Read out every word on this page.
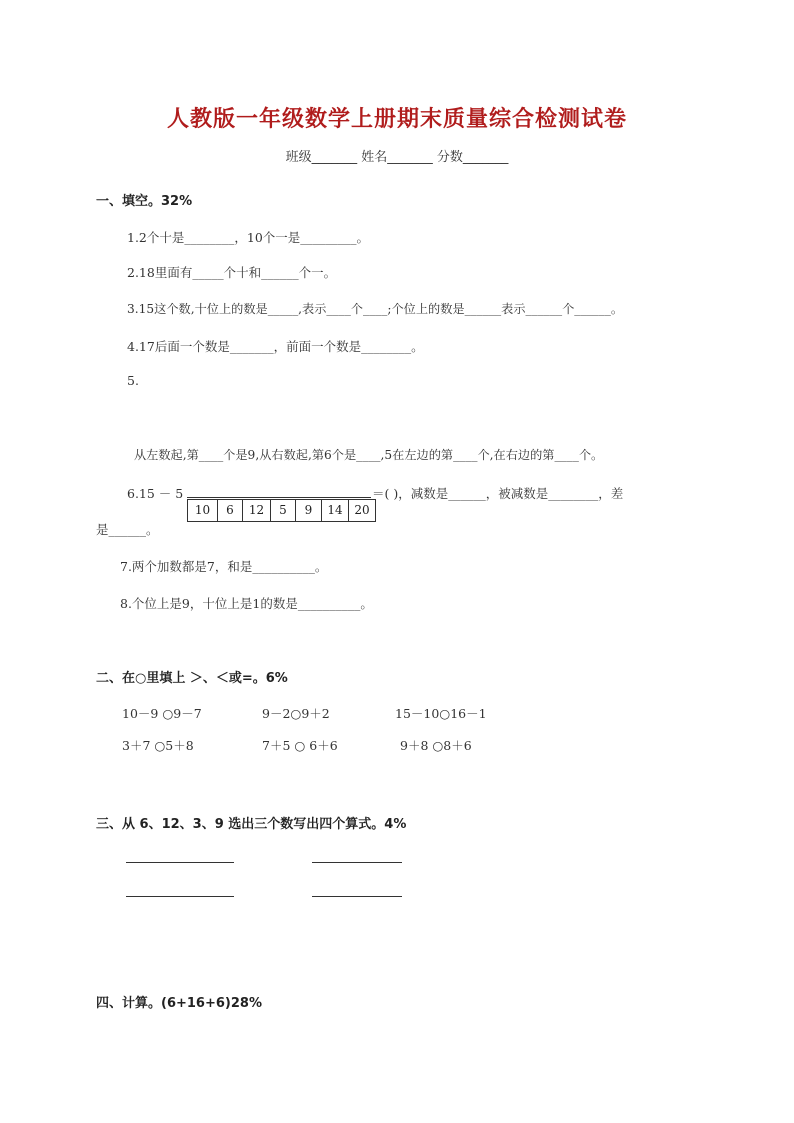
人教版一年级数学上册期末质量综合检测试卷
班级_______ 姓名_______ 分数_______
一、填空。32%
1.2个十是________，10个一是_________。
2.18里面有_____个十和______个一。
3.15这个数,十位上的数是_____,表示____个____;个位上的数是______表示______个______。
4.17后面一个数是_______，前面一个数是________。
5.
从左数起,第____个是9,从右数起,第6个是____,5在左边的第____个,在右边的第____个。
6.15 － 5
10	6	12	5	9	14 20
＝( )，减数是______，被减数是________，差
是______。
7.两个加数都是7，和是__________。
8.个位上是9，十位上是1的数是__________。
二、在○里填上 ＞、＜或=。6%
10－9 ○9－7	9－2○9＋2	15－10○16－1
3＋7 ○5＋8	7＋5 ○ 6＋6	9＋8 ○8＋6
三、从 6、12、3、9 选出三个数写出四个算式。4%
四、计算。(6+16+6)28%
